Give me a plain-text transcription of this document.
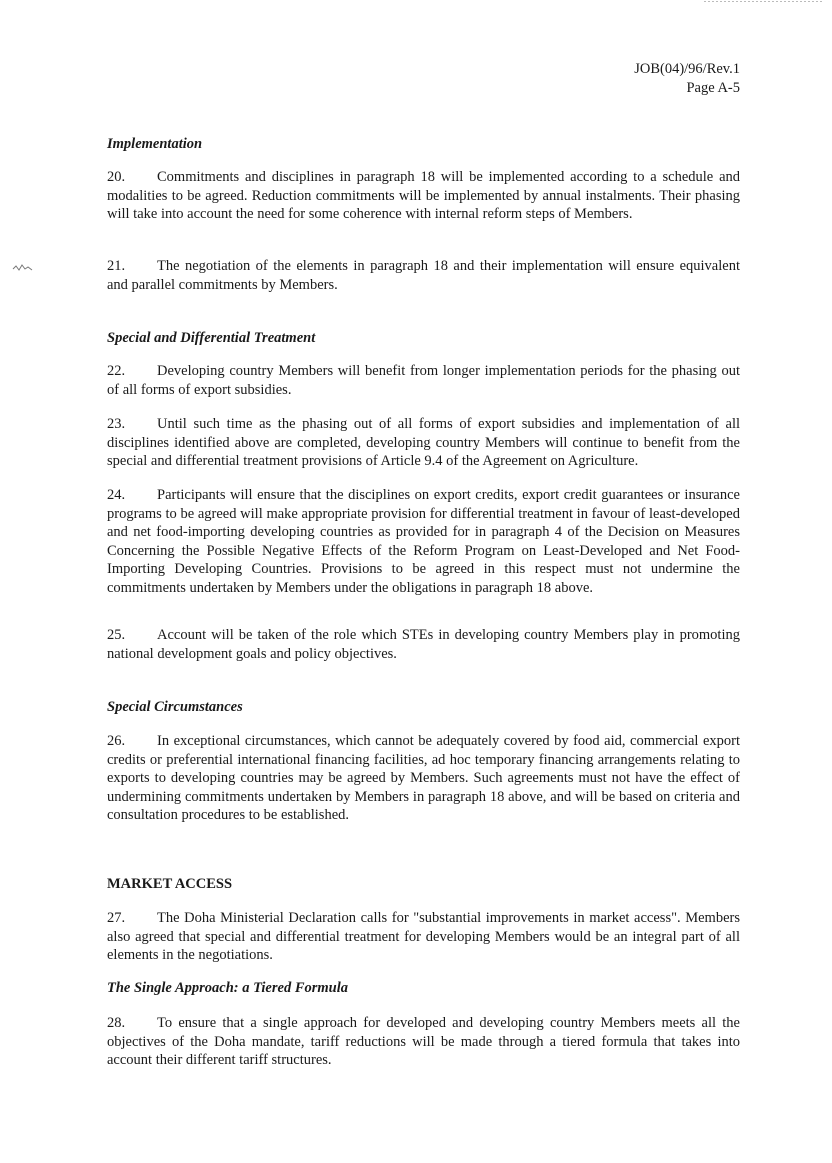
JOB(04)/96/Rev.1
Page A-5

Implementation

20. Commitments and disciplines in paragraph 18 will be implemented according to a schedule and modalities to be agreed. Reduction commitments will be implemented by annual instalments. Their phasing will take into account the need for some coherence with internal reform steps of Members.

21. The negotiation of the elements in paragraph 18 and their implementation will ensure equivalent and parallel commitments by Members.

Special and Differential Treatment

22. Developing country Members will benefit from longer implementation periods for the phasing out of all forms of export subsidies.

23. Until such time as the phasing out of all forms of export subsidies and implementation of all disciplines identified above are completed, developing country Members will continue to benefit from the special and differential treatment provisions of Article 9.4 of the Agreement on Agriculture.

24. Participants will ensure that the disciplines on export credits, export credit guarantees or insurance programs to be agreed will make appropriate provision for differential treatment in favour of least-developed and net food-importing developing countries as provided for in paragraph 4 of the Decision on Measures Concerning the Possible Negative Effects of the Reform Program on Least-Developed and Net Food-Importing Developing Countries. Provisions to be agreed in this respect must not undermine the commitments undertaken by Members under the obligations in paragraph 18 above.

25. Account will be taken of the role which STEs in developing country Members play in promoting national development goals and policy objectives.

Special Circumstances

26. In exceptional circumstances, which cannot be adequately covered by food aid, commercial export credits or preferential international financing facilities, ad hoc temporary financing arrangements relating to exports to developing countries may be agreed by Members. Such agreements must not have the effect of undermining commitments undertaken by Members in paragraph 18 above, and will be based on criteria and consultation procedures to be established.

MARKET ACCESS

27. The Doha Ministerial Declaration calls for "substantial improvements in market access". Members also agreed that special and differential treatment for developing Members would be an integral part of all elements in the negotiations.

The Single Approach: a Tiered Formula

28. To ensure that a single approach for developed and developing country Members meets all the objectives of the Doha mandate, tariff reductions will be made through a tiered formula that takes into account their different tariff structures.
